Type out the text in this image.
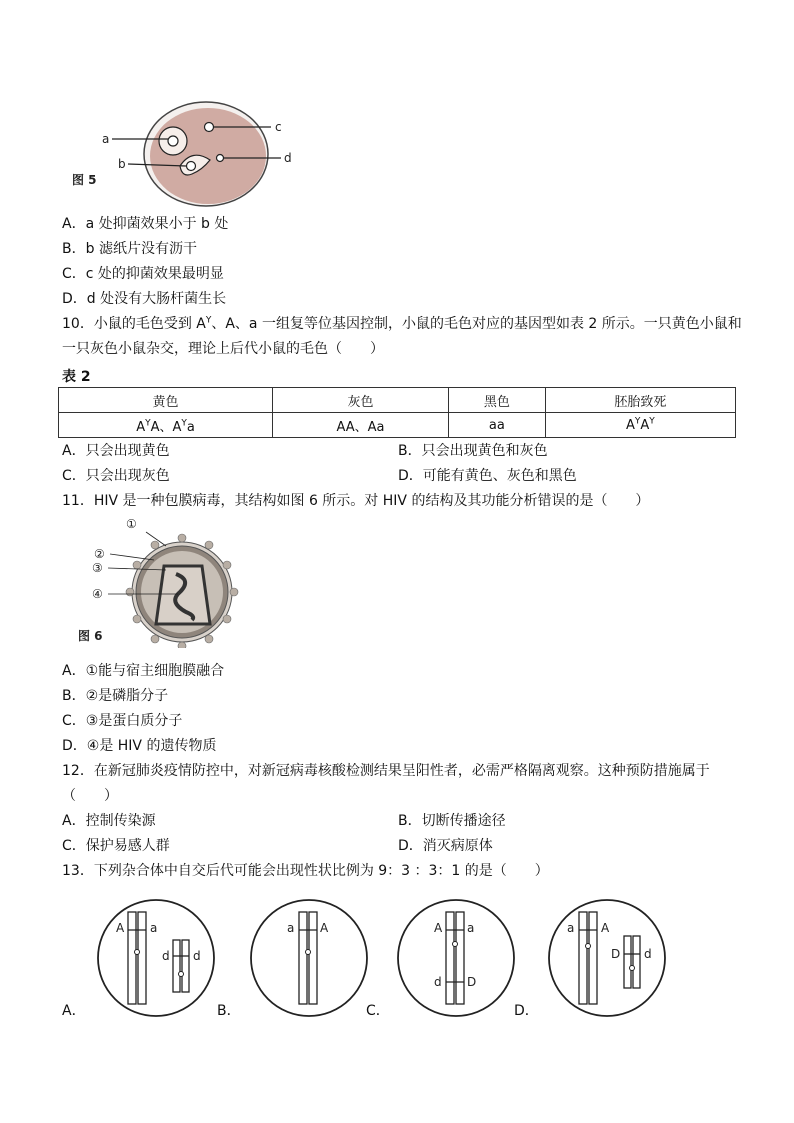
a
b
c
d
图 5
A．a 处抑菌效果小于 b 处
B．b 滤纸片没有沥干
C．c 处的抑菌效果最明显
D．d 处没有大肠杆菌生长
10．小鼠的毛色受到 $A^Y$、A、a 一组复等位基因控制，小鼠的毛色对应的基因型如表 2 所示。一只黄色小鼠和
一只灰色小鼠杂交，理论上后代小鼠的毛色（　　）
表 2
黄色	灰色	黑色	胚胎致死
$A^YA$、$A^Ya$	AA、Aa	aa	$A^YA^Y$
A．只会出现黄色	B．只会出现黄色和灰色
C．只会出现灰色	D．可能有黄色、灰色和黑色
11．HIV 是一种包膜病毒，其结构如图 6 所示。对 HIV 的结构及其功能分析错误的是（　　）
①
②
③
④
图 6
A．①能与宿主细胞膜融合
B．②是磷脂分子
C．③是蛋白质分子
D．④是 HIV 的遗传物质
12．在新冠肺炎疫情防控中，对新冠病毒核酸检测结果呈阳性者，必需严格隔离观察。这种预防措施属于
（　　）
A．控制传染源	B．切断传播途径
C．保护易感人群	D．消灭病原体
13．下列杂合体中自交后代可能会出现性状比例为 9：3 ：3：1 的是（　　）
A a
d d
A．
a A
B．
A a
d D
C．
a A
D d
D．
